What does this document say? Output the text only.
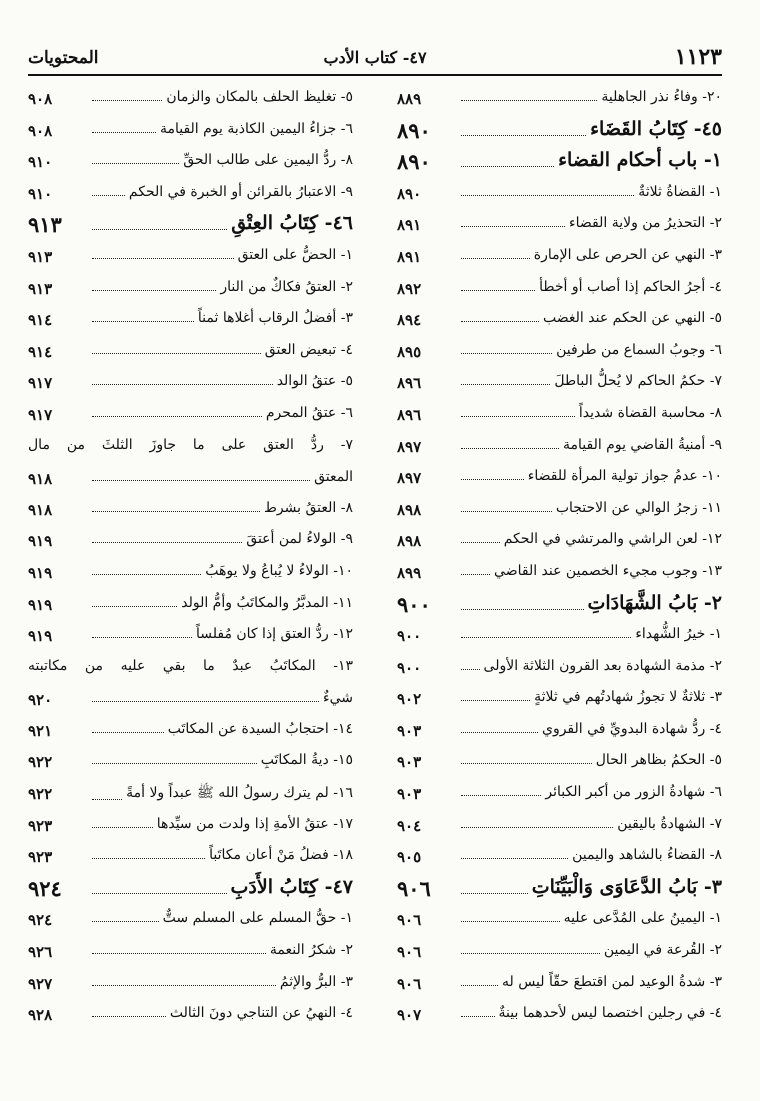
المحتويات	٤٧- كتاب الأدب	١١٢٣
٢٠- وفاءُ نذر الجاهلية
٨٨٩
٤٥- كِتَابُ القَضَاء
٨٩٠
١- باب أحكام القضاء
٨٩٠
١- القضاةُ ثلاثةٌ
٨٩٠
٢- التحذيرُ من ولاية القضاء
٨٩١
٣- النهي عن الحرص على الإمارة
٨٩١
٤- أجرُ الحاكم إذا أصاب أو أخطأ
٨٩٢
٥- النهي عن الحكم عند الغضب
٨٩٤
٦- وجوبُ السماع من طرفين
٨٩٥
٧- حكمُ الحاكم لا يُحلُّ الباطلَ
٨٩٦
٨- محاسبة القضاة شديداً
٨٩٦
٩- أمنيةُ القاضي يوم القيامة
٨٩٧
١٠- عدمُ جواز تولية المرأة للقضاء
٨٩٧
١١- زجرُ الوالي عن الاحتجاب
٨٩٨
١٢- لعن الراشي والمرتشي في الحكم
٨٩٨
١٣- وجوب مجيء الخصمين عند القاضي
٨٩٩
٢- بَابُ الشَّهَادَاتِ
٩٠٠
١- خيرُ الشُّهداء
٩٠٠
٢- مذمة الشهادة بعد القرون الثلاثة الأولى
٩٠٠
٣- ثلاثةٌ لا تجوزُ شهادتُهم في ثلاثةٍ
٩٠٢
٤- ردُّ شهادة البدويِّ في القروي
٩٠٣
٥- الحكمُ بظاهر الحال
٩٠٣
٦- شهادةُ الزور من أكبر الكبائر
٩٠٣
٧- الشهادةُ باليقين
٩٠٤
٨- القضاءُ بالشاهد واليمين
٩٠٥
٣- بَابُ الدَّعَاوَى وَالْبَيِّنَاتِ
٩٠٦
١- اليمينُ على المُدَّعى عليه
٩٠٦
٢- القُرعة في اليمين
٩٠٦
٣- شدةُ الوعيد لمن اقتطعَ حقّاً ليس له
٩٠٦
٤- في رجلين اختصما ليس لأحدهما بينةٌ
٩٠٧
٥- تغليظ الحلف بالمكان والزمان
٩٠٨
٦- جزاءُ اليمين الكاذبة يوم القيامة
٩٠٨
٨- ردُّ اليمين على طالب الحقِّ
٩١٠
٩- الاعتبارُ بالقرائن أو الخبرة في الحكم
٩١٠
٤٦- كِتَابُ العِتْقِ
٩١٣
١- الحضُّ على العتق
٩١٣
٢- العتقُ فكاكٌ من النار
٩١٣
٣- أفضلُ الرقاب أغلاها ثمناً
٩١٤
٤- تبعيض العتق
٩١٤
٥- عتقُ الوالد
٩١٧
٦- عتقُ المحرم
٩١٧
٧- ردُّ العتق على ما جاوزَ الثلثَ من مال
المعتق
٩١٨
٨- العتقُ بشرط
٩١٨
٩- الولاءُ لمن أعتقَ
٩١٩
١٠- الولاءُ لا يُباعُ ولا يوهَبُ
٩١٩
١١- المدبَّرُ والمكاتَبُ وأمُّ الولد
٩١٩
١٢- ردُّ العتق إذا كان مُفلساً
٩١٩
١٣- المكاتَبُ عبدٌ ما بقي عليه من مكاتبته
شيءٌ
٩٢٠
١٤- احتجابُ السيدة عن المكاتَب
٩٢١
١٥- ديةُ المكاتَبِ
٩٢٢
١٦- لم يترك رسولُ الله ﷺ عبداً ولا أمةً
٩٢٢
١٧- عتقُ الأمةِ إذا ولدت من سيِّدها
٩٢٣
١٨- فضلُ مَنْ أعان مكاتَباً
٩٢٣
٤٧- كِتَابُ الأَدَبِ
٩٢٤
١- حقُّ المسلم على المسلم ستٌّ
٩٢٤
٢- شكرُ النعمة
٩٢٦
٣- البرُّ والإثمُ
٩٢٧
٤- النهيُ عن التناجي دونَ الثالث
٩٢٨
